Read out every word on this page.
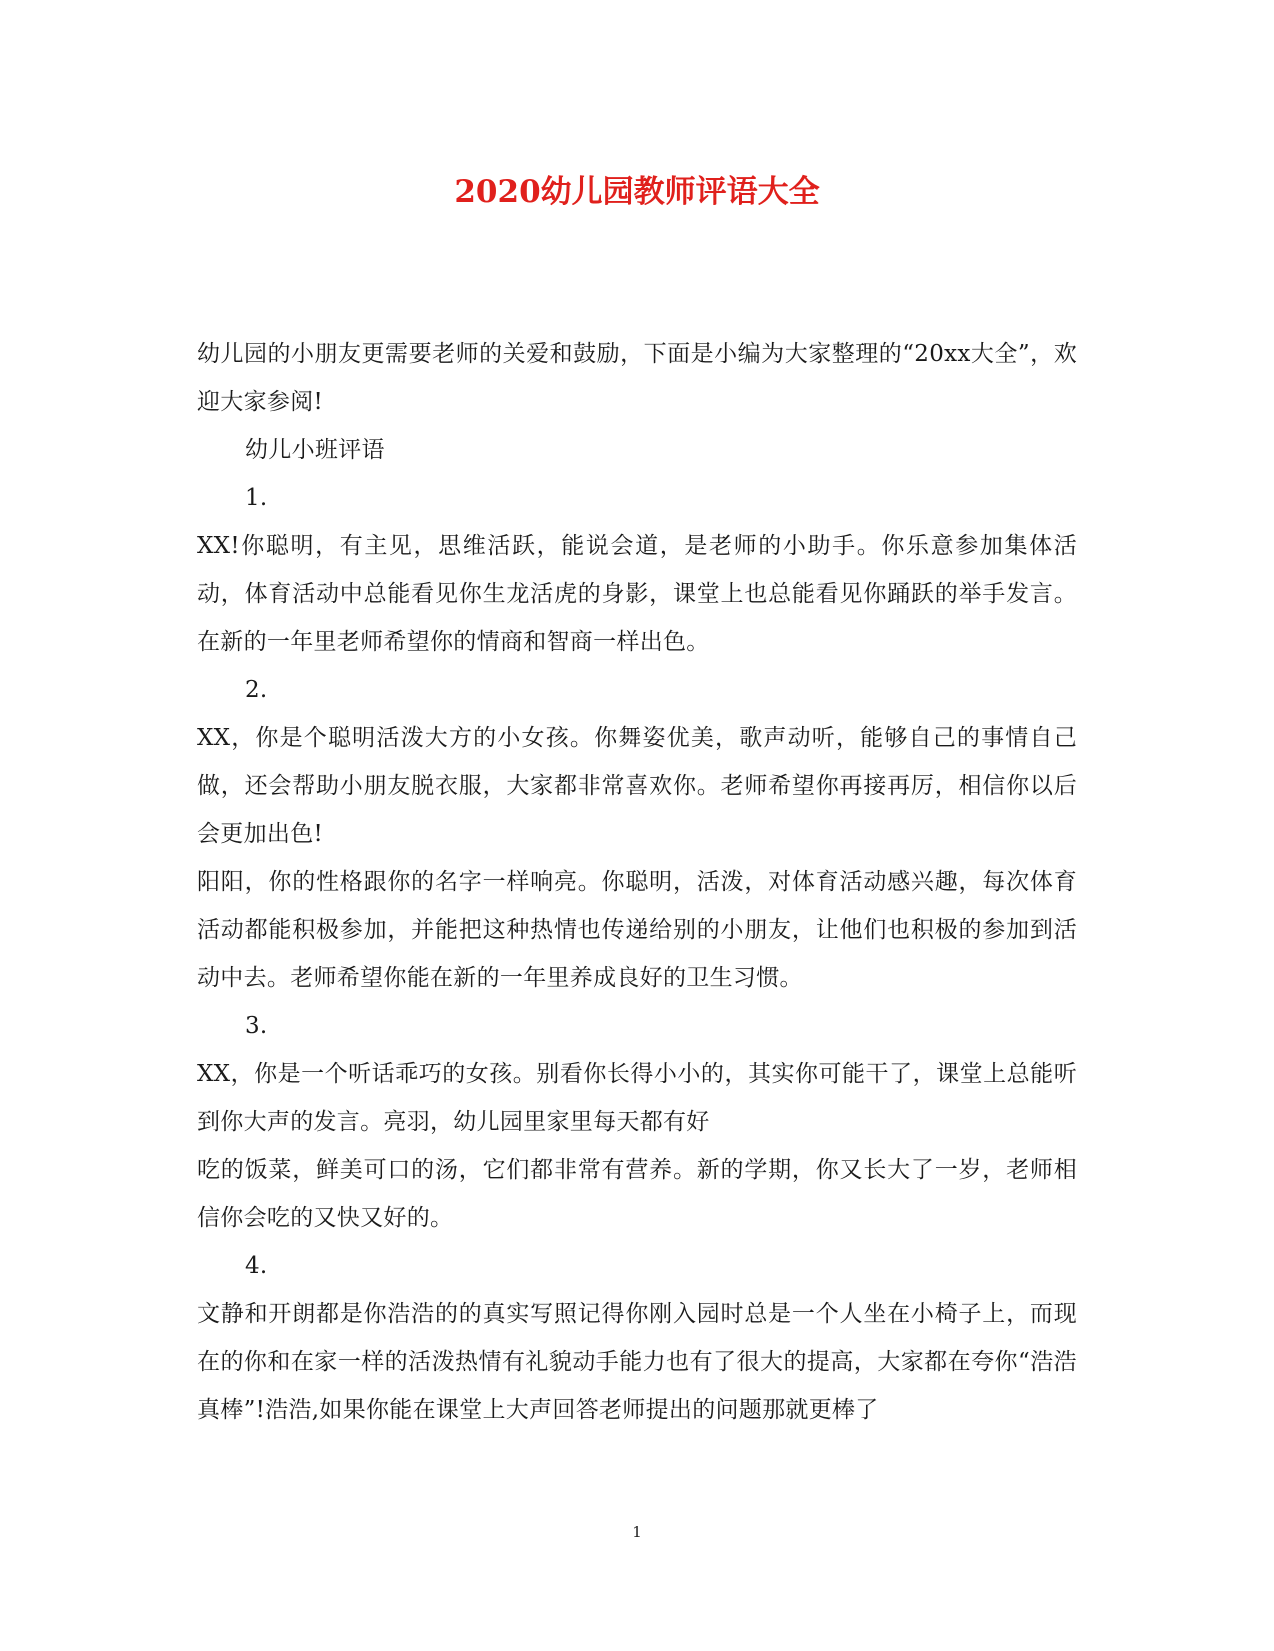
2020幼儿园教师评语大全

幼儿园的小朋友更需要老师的关爱和鼓励，下面是小编为大家整理的“20xx大全”，欢迎大家参阅!

幼儿小班评语

1.

XX!你聪明，有主见，思维活跃，能说会道，是老师的小助手。你乐意参加集体活动，体育活动中总能看见你生龙活虎的身影，课堂上也总能看见你踊跃的举手发言。在新的一年里老师希望你的情商和智商一样出色。

2.

XX，你是个聪明活泼大方的小女孩。你舞姿优美，歌声动听，能够自己的事情自己做，还会帮助小朋友脱衣服，大家都非常喜欢你。老师希望你再接再厉，相信你以后会更加出色!

阳阳，你的性格跟你的名字一样响亮。你聪明，活泼，对体育活动感兴趣，每次体育活动都能积极参加，并能把这种热情也传递给别的小朋友，让他们也积极的参加到活动中去。老师希望你能在新的一年里养成良好的卫生习惯。

3.

XX，你是一个听话乖巧的女孩。别看你长得小小的，其实你可能干了，课堂上总能听到你大声的发言。亮羽，幼儿园里家里每天都有好

吃的饭菜，鲜美可口的汤，它们都非常有营养。新的学期，你又长大了一岁，老师相信你会吃的又快又好的。

4.

文静和开朗都是你浩浩的的真实写照记得你刚入园时总是一个人坐在小椅子上，而现在的你和在家一样的活泼热情有礼貌动手能力也有了很大的提高，大家都在夸你“浩浩真棒”!浩浩,如果你能在课堂上大声回答老师提出的问题那就更棒了

1
